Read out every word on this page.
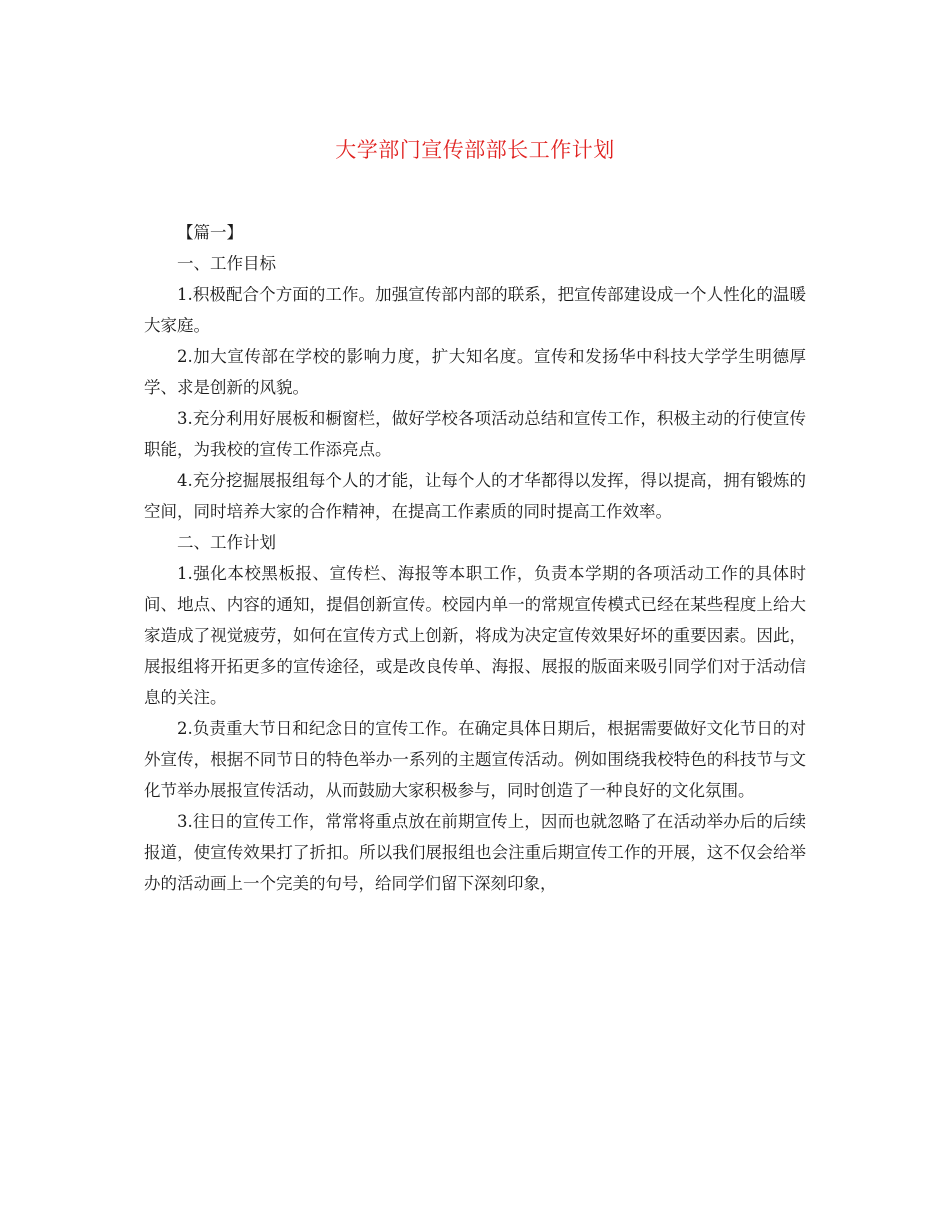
大学部门宣传部部长工作计划

【篇一】

一、工作目标

1.积极配合个方面的工作。加强宣传部内部的联系，把宣传部建设成一个人性化的温暖大家庭。

2.加大宣传部在学校的影响力度，扩大知名度。宣传和发扬华中科技大学学生明德厚学、求是创新的风貌。

3.充分利用好展板和橱窗栏，做好学校各项活动总结和宣传工作，积极主动的行使宣传职能，为我校的宣传工作添亮点。

4.充分挖掘展报组每个人的才能，让每个人的才华都得以发挥，得以提高，拥有锻炼的空间，同时培养大家的合作精神，在提高工作素质的同时提高工作效率。

二、工作计划

1.强化本校黑板报、宣传栏、海报等本职工作，负责本学期的各项活动工作的具体时间、地点、内容的通知，提倡创新宣传。校园内单一的常规宣传模式已经在某些程度上给大家造成了视觉疲劳，如何在宣传方式上创新，将成为决定宣传效果好坏的重要因素。因此，展报组将开拓更多的宣传途径，或是改良传单、海报、展报的版面来吸引同学们对于活动信息的关注。

2.负责重大节日和纪念日的宣传工作。在确定具体日期后，根据需要做好文化节日的对外宣传，根据不同节日的特色举办一系列的主题宣传活动。例如围绕我校特色的科技节与文化节举办展报宣传活动，从而鼓励大家积极参与，同时创造了一种良好的文化氛围。

3.往日的宣传工作，常常将重点放在前期宣传上，因而也就忽略了在活动举办后的后续报道，使宣传效果打了折扣。所以我们展报组也会注重后期宣传工作的开展，这不仅会给举办的活动画上一个完美的句号，给同学们留下深刻印象，
